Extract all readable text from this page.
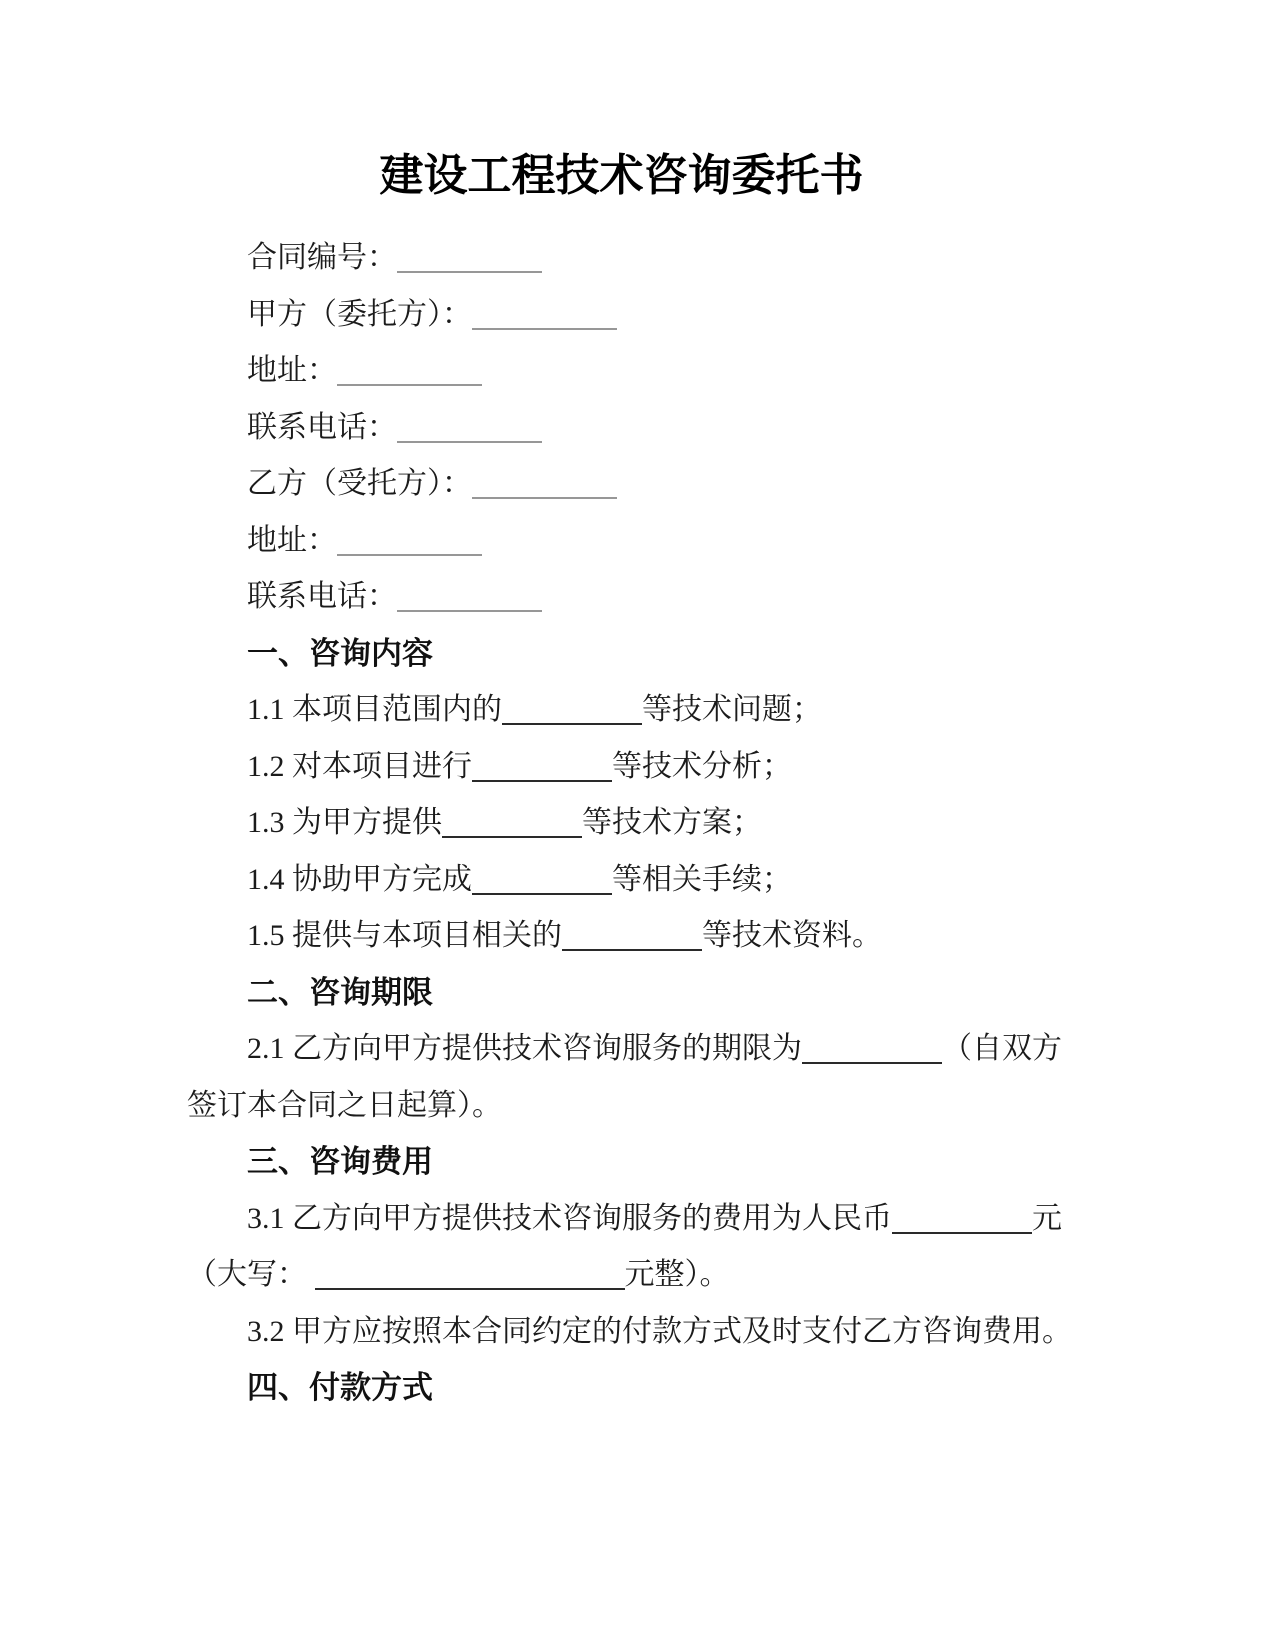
建设工程技术咨询委托书
合同编号：
甲方（委托方）：
地址：
联系电话：
乙方（受托方）：
地址：
联系电话：
一、咨询内容
1.1 本项目范围内的	等技术问题；
1.2 对本项目进行	等技术分析；
1.3 为甲方提供	等技术方案；
1.4 协助甲方完成	等相关手续；
1.5 提供与本项目相关的	等技术资料。
二、咨询期限
2.1 乙方向甲方提供技术咨询服务的期限为	（自双方
签订本合同之日起算）。
三、咨询费用
3.1 乙方向甲方提供技术咨询服务的费用为人民币	元
（大写：	元整）。
3.2 甲方应按照本合同约定的付款方式及时支付乙方咨询费用。
四、付款方式
